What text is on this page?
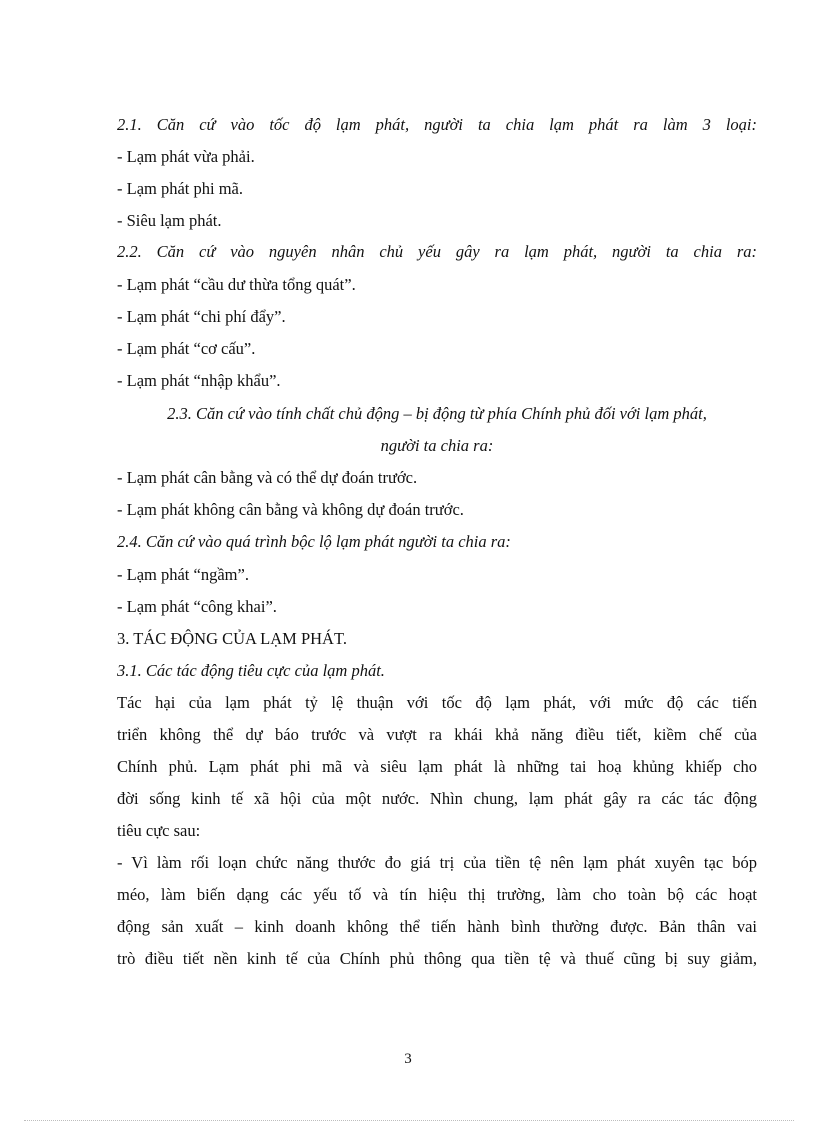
2.1. Căn cứ vào tốc độ lạm phát, người ta chia lạm phát ra làm 3 loại:
- Lạm phát vừa phải.
- Lạm phát phi mã.
- Siêu lạm phát.
2.2. Căn cứ vào nguyên nhân chủ yếu gây ra lạm phát, người ta chia ra:
- Lạm phát “cầu dư thừa tổng quát”.
- Lạm phát “chi phí đẩy”.
- Lạm phát “cơ cấu”.
- Lạm phát “nhập khẩu”.
2.3. Căn cứ vào tính chất chủ động – bị động từ phía Chính phủ đối với lạm phát,
người ta chia ra:
- Lạm phát cân bằng và có thể dự đoán trước.
- Lạm phát không cân bằng và không dự đoán trước.
2.4. Căn cứ vào quá trình bộc lộ lạm phát người ta chia ra:
- Lạm phát “ngầm”.
- Lạm phát “công khai”.
3. TÁC ĐỘNG CỦA LẠM PHÁT.
3.1. Các tác động tiêu cực của lạm phát.
Tác hại của lạm phát tỷ lệ thuận với tốc độ lạm phát, với mức độ các tiến
triển không thể dự báo trước và vượt ra khái khả năng điều tiết, kiềm chế của
Chính phủ. Lạm phát phi mã và siêu lạm phát là những tai hoạ khủng khiếp cho
đời sống kinh tế xã hội của một nước. Nhìn chung, lạm phát gây ra các tác động
tiêu cực sau:
- Vì làm rối loạn chức năng thước đo giá trị của tiền tệ nên lạm phát xuyên tạc bóp
méo, làm biến dạng các yếu tố và tín hiệu thị trường, làm cho toàn bộ các hoạt
động sản xuất – kinh doanh không thể tiến hành bình thường được. Bản thân vai
trò điều tiết nền kinh tế của Chính phủ thông qua tiền tệ và thuế cũng bị suy giảm,
3
